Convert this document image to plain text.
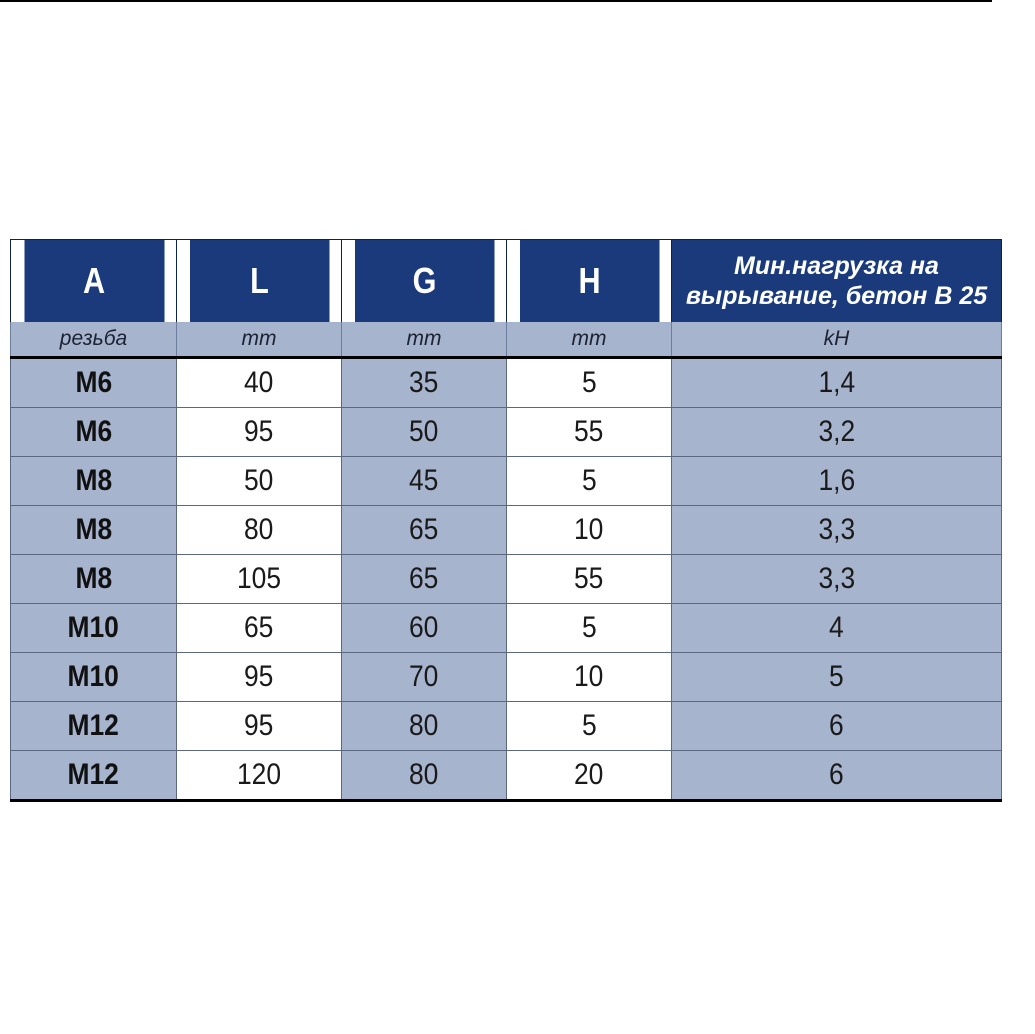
A	L	G	H	Мин.нагрузка на
вырывание, бетон В 25

резьба	mm	mm	mm	kH
M6	40	35	5	1,4
M6	95	50	55	3,2
M8	50	45	5	1,6
M8	80	65	10	3,3
M8	105	65	55	3,3
M10	65	60	5	4
M10	95	70	10	5
M12	95	80	5	6
M12	120	80	20	6
